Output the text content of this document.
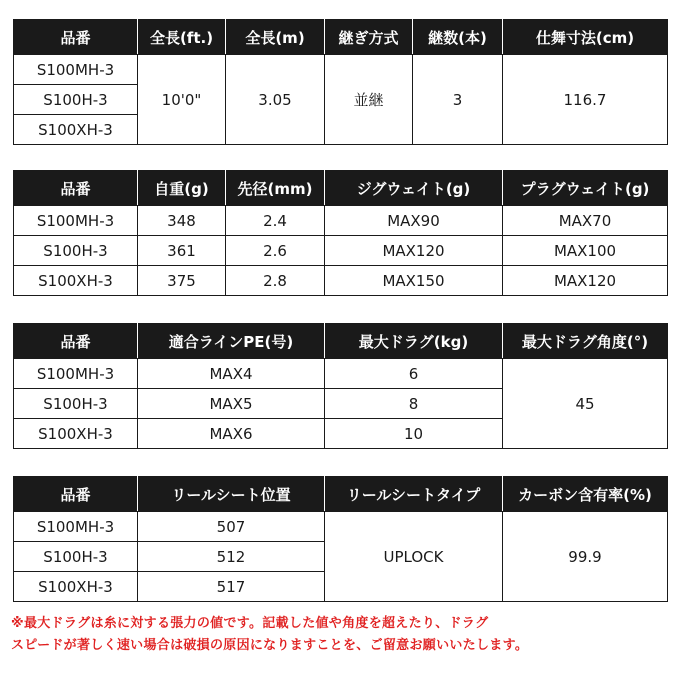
品番	全長(ft.)	全長(m)	継ぎ方式	継数(本)	仕舞寸法(cm)
S100MH-3	10'0"	3.05	並継	3	116.7
S100H-3					
S100XH-3					
品番	自重(g)	先径(mm)	ジグウェイト(g)	プラグウェイト(g)
S100MH-3	348	2.4	MAX90	MAX70
S100H-3	361	2.6	MAX120	MAX100
S100XH-3	375	2.8	MAX150	MAX120
品番	適合ラインPE(号)	最大ドラグ(kg)	最大ドラグ角度(°)
S100MH-3	MAX4	6	45
S100H-3	MAX5	8	
S100XH-3	MAX6	10	
品番	リールシート位置	リールシートタイプ	カーボン含有率(%)
S100MH-3	507	UPLOCK	99.9
S100H-3	512		
S100XH-3	517		
※最大ドラグは糸に対する張力の値です。記載した値や角度を超えたり、ドラグ
スピードが著しく速い場合は破損の原因になりますことを、ご留意お願いいたします。
